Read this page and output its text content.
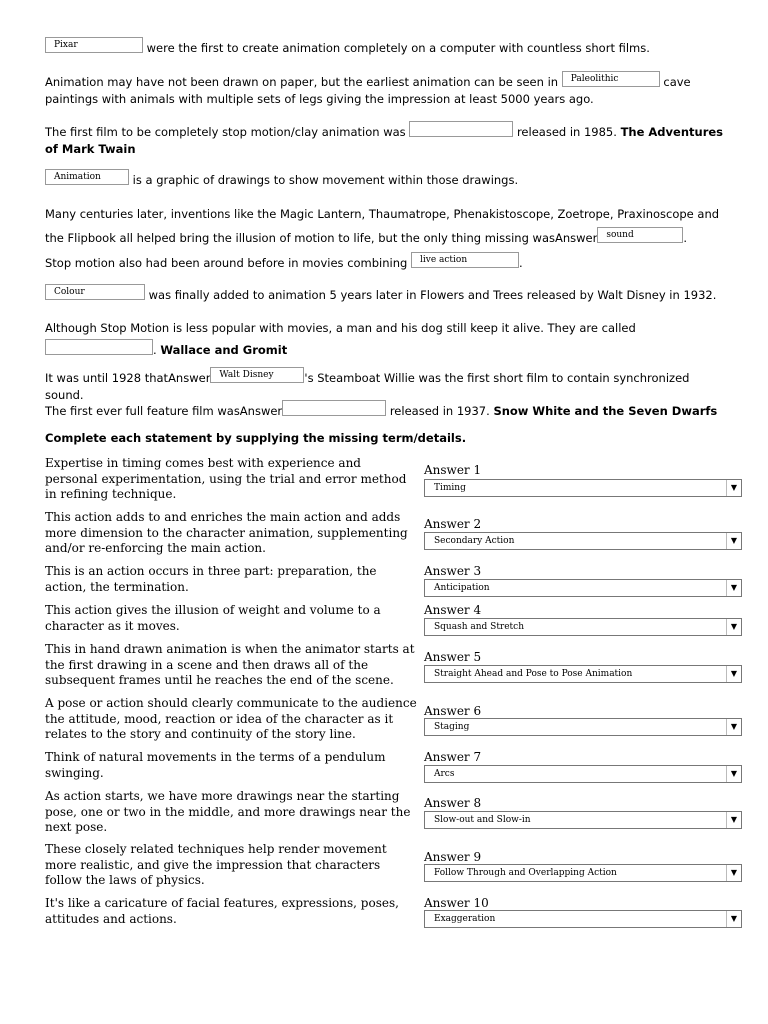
Pixar	were the first to create animation completely on a computer with countless short films.
Animation may have not been drawn on paper, but the earliest animation can be seen in Paleolithic	cave paintings with animals with multiple sets of legs giving the impression at least 5000 years ago.
The first film to be completely stop motion/clay animation was	released in 1985. The Adventures of Mark Twain
Animation	is a graphic of drawings to show movement within those drawings.
Many centuries later, inventions like the Magic Lantern, Thaumatrope, Phenakistoscope, Zoetrope, Praxinoscope and the Flipbook all helped bring the illusion of motion to life, but the only thing missing wasAnswer sound	.
Stop motion also had been around before in movies combining live action	.
Colour	was finally added to animation 5 years later in Flowers and Trees released by Walt Disney in 1932.
Although Stop Motion is less popular with movies, a man and his dog still keep it alive. They are called
. Wallace and Gromit
It was until 1928 thatAnswer Walt Disney	's Steamboat Willie was the first short film to contain synchronized sound.
The first ever full feature film wasAnswer	released in 1937. Snow White and the Seven Dwarfs
Complete each statement by supplying the missing term/details.
Expertise in timing comes best with experience and personal experimentation, using the trial and error method in refining technique.
Answer 1
Timing	▼
This action adds to and enriches the main action and adds more dimension to the character animation, supplementing and/or re-enforcing the main action.
Answer 2
Secondary Action	▼
This is an action occurs in three part: preparation, the action, the termination.
Answer 3
Anticipation	▼
This action gives the illusion of weight and volume to a character as it moves.
Answer 4
Squash and Stretch	▼
This in hand drawn animation is when the animator starts at the first drawing in a scene and then draws all of the subsequent frames until he reaches the end of the scene.
Answer 5
Straight Ahead and Pose to Pose Animation	▼
A pose or action should clearly communicate to the audience the attitude, mood, reaction or idea of the character as it relates to the story and continuity of the story line.
Answer 6
Staging	▼
Think of natural movements in the terms of a pendulum swinging.
Answer 7
Arcs	▼
As action starts, we have more drawings near the starting pose, one or two in the middle, and more drawings near the next pose.
Answer 8
Slow-out and Slow-in	▼
These closely related techniques help render movement more realistic, and give the impression that characters follow the laws of physics.
Answer 9
Follow Through and Overlapping Action	▼
It's like a caricature of facial features, expressions, poses, attitudes and actions.
Answer 10
Exaggeration	▼
